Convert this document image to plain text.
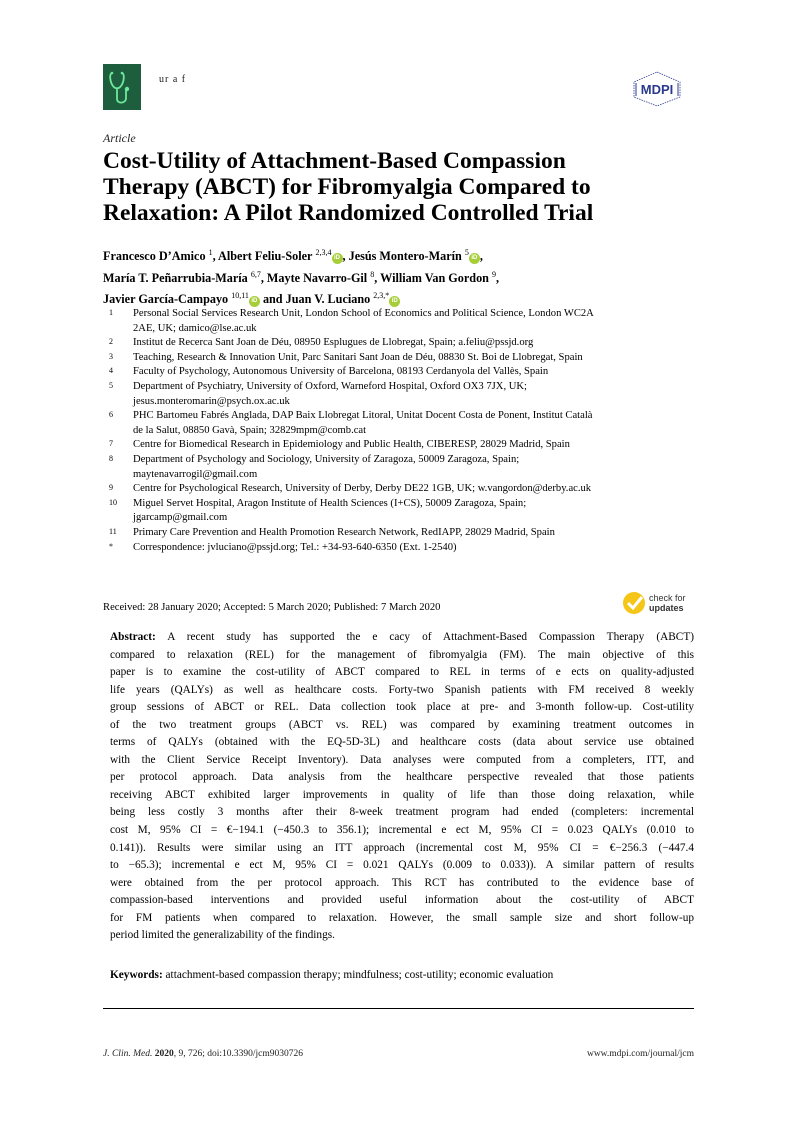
ur a f
MDPI
Article
Cost-Utility of Attachment-Based Compassion
Therapy (ABCT) for Fibromyalgia Compared to
Relaxation: A Pilot Randomized Controlled Trial
Francesco D’Amico $^1$, Albert Feliu-Soler $^{2,3,4}$iD , Jesús Montero-Marín $^5$iD ,
María T. Peñarrubia-María $^{6,7}$, Mayte Navarro-Gil $^8$, William Van Gordon $^9$,
Javier García-Campayo $^{10,11}$iD and Juan V. Luciano $^{2,3,*}$iD
1	Personal Social Services Research Unit, London School of Economics and Political Science, London WC2A
2AE, UK; damico@lse.ac.uk
2	Institut de Recerca Sant Joan de Déu, 08950 Esplugues de Llobregat, Spain; a.feliu@pssjd.org
3	Teaching, Research & Innovation Unit, Parc Sanitari Sant Joan de Déu, 08830 St. Boi de Llobregat, Spain
4	Faculty of Psychology, Autonomous University of Barcelona, 08193 Cerdanyola del Vallès, Spain
5	Department of Psychiatry, University of Oxford, Warneford Hospital, Oxford OX3 7JX, UK;
jesus.monteromarin@psych.ox.ac.uk
6	PHC Bartomeu Fabrés Anglada, DAP Baix Llobregat Litoral, Unitat Docent Costa de Ponent, Institut Català
de la Salut, 08850 Gavà, Spain; 32829mpm@comb.cat
7	Centre for Biomedical Research in Epidemiology and Public Health, CIBERESP, 28029 Madrid, Spain
8	Department of Psychology and Sociology, University of Zaragoza, 50009 Zaragoza, Spain;
maytenavarrogil@gmail.com
9	Centre for Psychological Research, University of Derby, Derby DE22 1GB, UK; w.vangordon@derby.ac.uk
10	Miguel Servet Hospital, Aragon Institute of Health Sciences (I+CS), 50009 Zaragoza, Spain;
jgarcamp@gmail.com
11	Primary Care Prevention and Health Promotion Research Network, RedIAPP, 28029 Madrid, Spain
*	Correspondence: jvluciano@pssjd.org; Tel.: +34-93-640-6350 (Ext. 1-2540)
Received: 28 January 2020; Accepted: 5 March 2020; Published: 7 March 2020
check for
updates
Abstract: A recent study has supported the e cacy of Attachment-Based Compassion Therapy (ABCT)
compared to relaxation (REL) for the management of fibromyalgia (FM). The main objective of this
paper is to examine the cost-utility of ABCT compared to REL in terms of e ects on quality-adjusted
life years (QALYs) as well as healthcare costs. Forty-two Spanish patients with FM received 8 weekly
group sessions of ABCT or REL. Data collection took place at pre- and 3-month follow-up. Cost-utility
of the two treatment groups (ABCT vs. REL) was compared by examining treatment outcomes in
terms of QALYs (obtained with the EQ-5D-3L) and healthcare costs (data about service use obtained
with the Client Service Receipt Inventory). Data analyses were computed from a completers, ITT, and
per protocol approach. Data analysis from the healthcare perspective revealed that those patients
receiving ABCT exhibited larger improvements in quality of life than those doing relaxation, while
being less costly 3 months after their 8-week treatment program had ended (completers: incremental
cost M, 95% CI = €−194.1 (−450.3 to 356.1); incremental e ect M, 95% CI = 0.023 QALYs (0.010 to
0.141)). Results were similar using an ITT approach (incremental cost M, 95% CI = €−256.3 (−447.4
to −65.3); incremental e ect M, 95% CI = 0.021 QALYs (0.009 to 0.033)). A similar pattern of results
were obtained from the per protocol approach. This RCT has contributed to the evidence base of
compassion-based interventions and provided useful information about the cost-utility of ABCT
for FM patients when compared to relaxation. However, the small sample size and short follow-up
period limited the generalizability of the findings.
Keywords: attachment-based compassion therapy; mindfulness; cost-utility; economic evaluation
J. Clin. Med. 2020, 9, 726; doi:10.3390/jcm9030726	www.mdpi.com/journal/jcm
